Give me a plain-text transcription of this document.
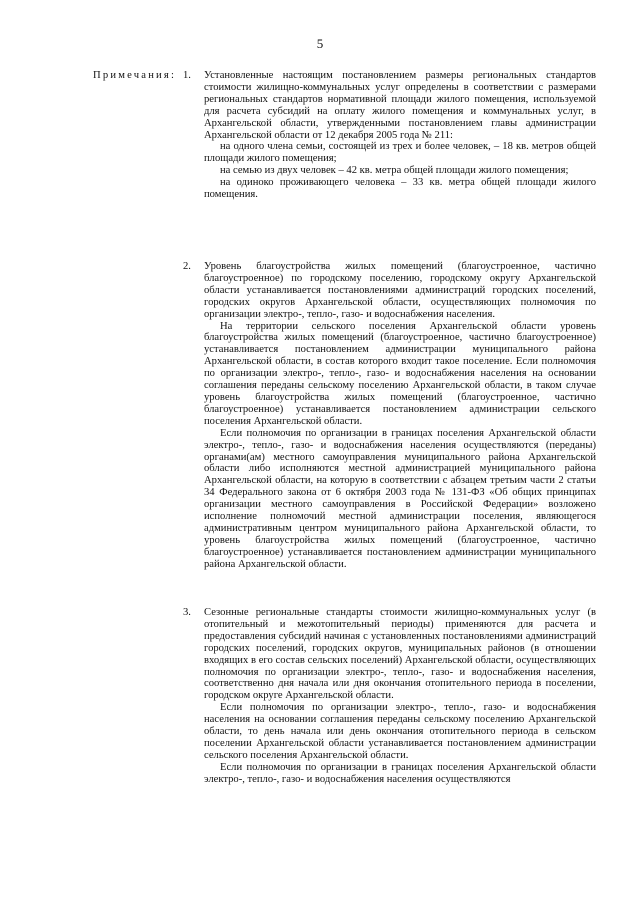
5
Примечания: 1.	Установленные настоящим постановлением размеры региональных стандартов стоимости жилищно-коммунальных услуг определены в соответствии с размерами региональных стандартов нормативной площади жилого помещения, используемой для расчета субсидий на оплату жилого помещения и коммунальных услуг, в Архангельской области, утвержденными постановлением главы администрации Архангельской области от 12 декабря 2005 года № 211:

на одного члена семьи, состоящей из трех и более человек, – 18 кв. метров общей площади жилого помещения;

на семью из двух человек – 42 кв. метра общей площади жилого помещения;

на одиноко проживающего человека – 33 кв. метра общей площади жилого помещения.

2.	Уровень благоустройства жилых помещений (благоустроенное, частично благоустроенное) по городскому поселению, городскому округу Архангельской области устанавливается постановлениями администраций городских поселений, городских округов Архангельской области, осуществляющих полномочия по организации электро-, тепло-, газо- и водоснабжения населения.

На территории сельского поселения Архангельской области уровень благоустройства жилых помещений (благоустроенное, частично благоустроенное) устанавливается постановлением администрации муниципального района Архангельской области, в состав которого входит такое поселение. Если полномочия по организации электро-, тепло-, газо- и водоснабжения населения на основании соглашения переданы сельскому поселению Архангельской области, в таком случае уровень благоустройства жилых помещений (благоустроенное, частично благоустроенное) устанавливается постановлением администрации сельского поселения Архангельской области.

Если полномочия по организации в границах поселения Архангельской области электро-, тепло-, газо- и водоснабжения населения осуществляются (переданы) органами(ам) местного самоуправления муниципального района Архангельской области либо исполняются местной администрацией муниципального района Архангельской области, на которую в соответствии с абзацем третьим части 2 статьи 34 Федерального закона от 6 октября 2003 года № 131-ФЗ «Об общих принципах организации местного самоуправления в Российской Федерации» возложено исполнение полномочий местной администрации поселения, являющегося административным центром муниципального района Архангельской области, то уровень благоустройства жилых помещений (благоустроенное, частично благоустроенное) устанавливается постановлением администрации муниципального района Архангельской области.

3.	Сезонные региональные стандарты стоимости жилищно-коммунальных услуг (в отопительный и межотопительный периоды) применяются для расчета и предоставления субсидий начиная с установленных постановлениями администраций городских поселений, городских округов, муниципальных районов (в отношении входящих в его состав сельских поселений) Архангельской области, осуществляющих полномочия по организации электро-, тепло-, газо- и водоснабжения населения, соответственно дня начала или дня окончания отопительного периода в поселении, городском округе Архангельской области.

Если полномочия по организации электро-, тепло-, газо- и водоснабжения населения на основании соглашения переданы сельскому поселению Архангельской области, то день начала или день окончания отопительного периода в сельском поселении Архангельской области устанавливается постановлением администрации сельского поселения Архангельской области.

Если полномочия по организации в границах поселения Архангельской области электро-, тепло-, газо- и водоснабжения населения осуществляются
